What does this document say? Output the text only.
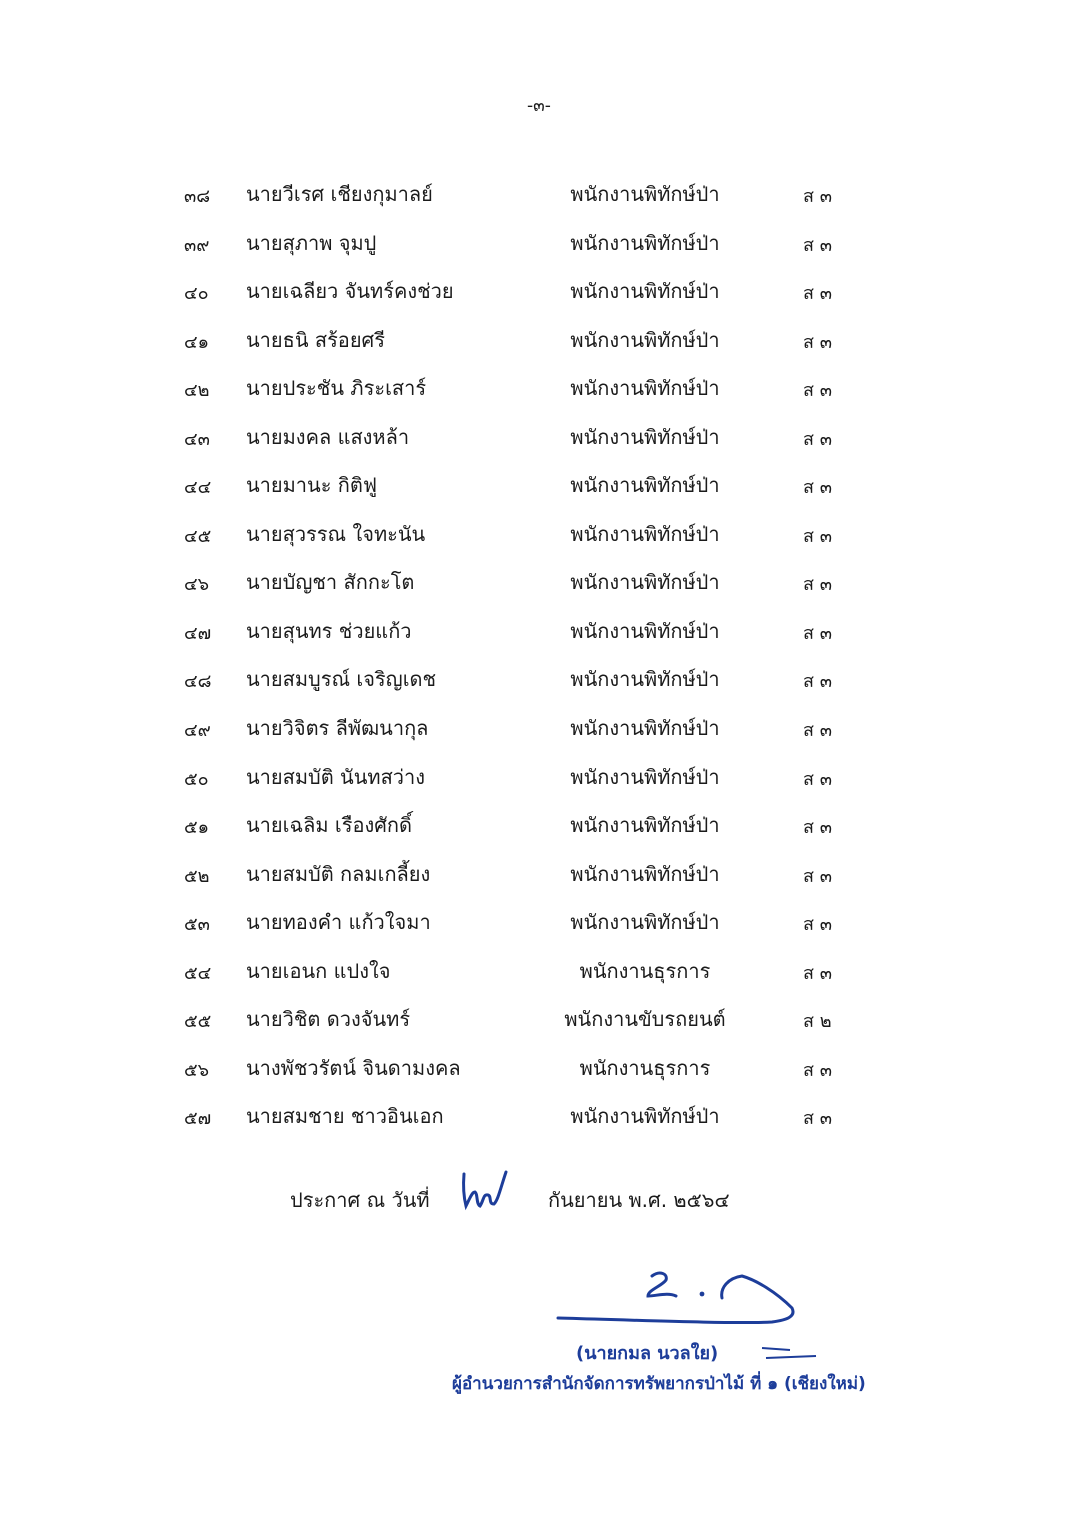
-๓-
๓๘ นายวีเรศ เชียงกุมาลย์	พนักงานพิทักษ์ป่า	ส ๓
๓๙ นายสุภาพ จุมปู	พนักงานพิทักษ์ป่า	ส ๓
๔๐ นายเฉลียว จันทร์คงช่วย	พนักงานพิทักษ์ป่า	ส ๓
๔๑ นายธนิ สร้อยศรี	พนักงานพิทักษ์ป่า	ส ๓
๔๒ นายประชัน ภิระเสาร์	พนักงานพิทักษ์ป่า	ส ๓
๔๓ นายมงคล แสงหล้า	พนักงานพิทักษ์ป่า	ส ๓
๔๔ นายมานะ กิติฟู	พนักงานพิทักษ์ป่า	ส ๓
๔๕ นายสุวรรณ ใจทะนัน	พนักงานพิทักษ์ป่า	ส ๓
๔๖ นายบัญชา สักกะโต	พนักงานพิทักษ์ป่า	ส ๓
๔๗ นายสุนทร ช่วยแก้ว	พนักงานพิทักษ์ป่า	ส ๓
๔๘ นายสมบูรณ์ เจริญเดช	พนักงานพิทักษ์ป่า	ส ๓
๔๙ นายวิจิตร ลีพัฒนากุล	พนักงานพิทักษ์ป่า	ส ๓
๕๐ นายสมบัติ นันทสว่าง	พนักงานพิทักษ์ป่า	ส ๓
๕๑ นายเฉลิม เรืองศักดิ์	พนักงานพิทักษ์ป่า	ส ๓
๕๒ นายสมบัติ กลมเกลี้ยง	พนักงานพิทักษ์ป่า	ส ๓
๕๓ นายทองคำ แก้วใจมา	พนักงานพิทักษ์ป่า	ส ๓
๕๔ นายเอนก แปงใจ	พนักงานธุรการ	ส ๓
๕๕ นายวิชิต ดวงจันทร์	พนักงานขับรถยนต์	ส ๒
๕๖ นางพัชวรัตน์ จินดามงคล	พนักงานธุรการ	ส ๓
๕๗ นายสมชาย ชาวอินเอก	พนักงานพิทักษ์ป่า	ส ๓
ประกาศ ณ วันที่	กันยายน พ.ศ. ๒๕๖๔
(นายกมล นวลใย)
ผู้อำนวยการสำนักจัดการทรัพยากรป่าไม้ ที่ ๑ (เชียงใหม่)
